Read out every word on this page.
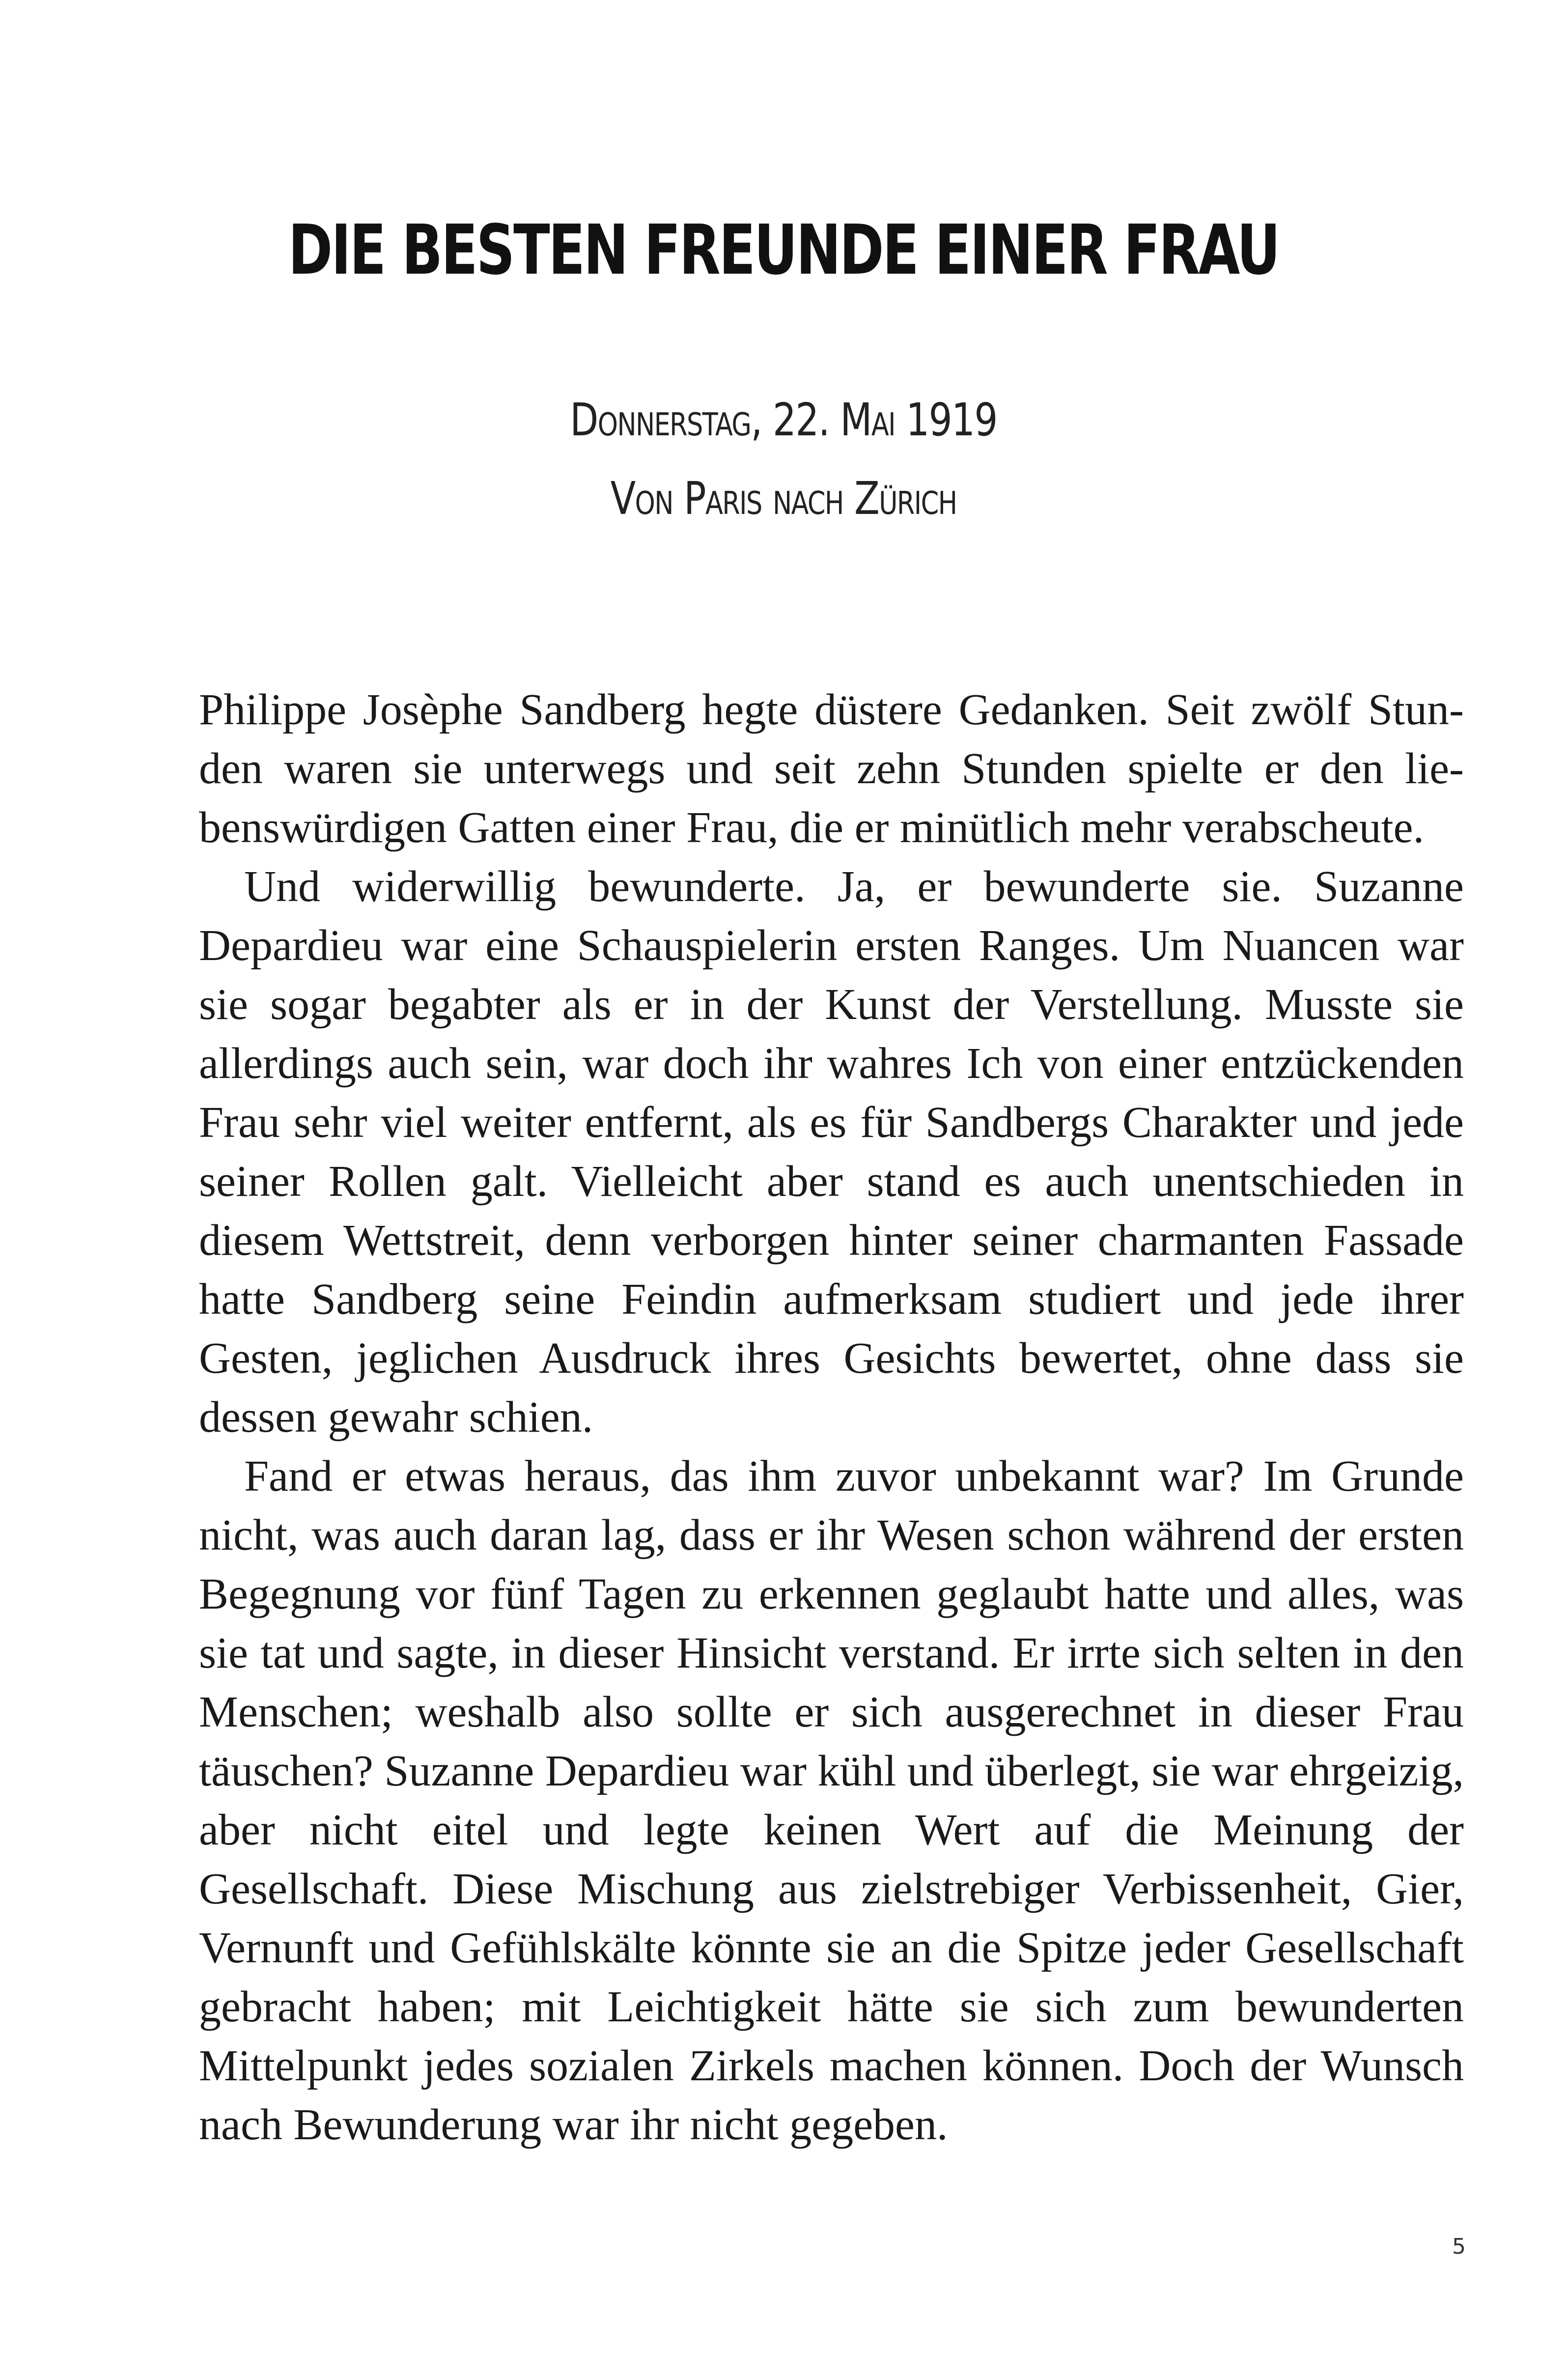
DIE BESTEN FREUNDE EINER FRAU
Donnerstag, 22. Mai 1919
Von Paris nach Zürich

Philippe Josèphe Sandberg hegte düstere Gedanken. Seit zwölf Stunden waren sie unterwegs und seit zehn Stunden spielte er den liebenswürdigen Gatten einer Frau, die er minütlich mehr verabscheute.

Und widerwillig bewunderte. Ja, er bewunderte sie. Suzanne Depardieu war eine Schauspielerin ersten Ranges. Um Nuancen war sie sogar begabter als er in der Kunst der Verstellung. Musste sie allerdings auch sein, war doch ihr wahres Ich von einer entzückenden Frau sehr viel weiter entfernt, als es für Sandbergs Charakter und jede seiner Rollen galt. Vielleicht aber stand es auch unentschieden in diesem Wettstreit, denn verborgen hinter seiner charmanten Fassade hatte Sandberg seine Feindin aufmerksam studiert und jede ihrer Gesten, jeglichen Ausdruck ihres Gesichts bewertet, ohne dass sie dessen gewahr schien.

Fand er etwas heraus, das ihm zuvor unbekannt war? Im Grunde nicht, was auch daran lag, dass er ihr Wesen schon während der ersten Begegnung vor fünf Tagen zu erkennen geglaubt hatte und alles, was sie tat und sagte, in dieser Hinsicht verstand. Er irrte sich selten in den Menschen; weshalb also sollte er sich ausgerechnet in dieser Frau täuschen? Suzanne Depardieu war kühl und überlegt, sie war ehrgeizig, aber nicht eitel und legte keinen Wert auf die Meinung der Gesellschaft. Diese Mischung aus zielstrebiger Verbissenheit, Gier, Vernunft und Gefühlskälte könnte sie an die Spitze jeder Gesellschaft gebracht haben; mit Leichtigkeit hätte sie sich zum bewunderten Mittelpunkt jedes sozialen Zirkels machen können. Doch der Wunsch nach Bewunderung war ihr nicht gegeben.

5
